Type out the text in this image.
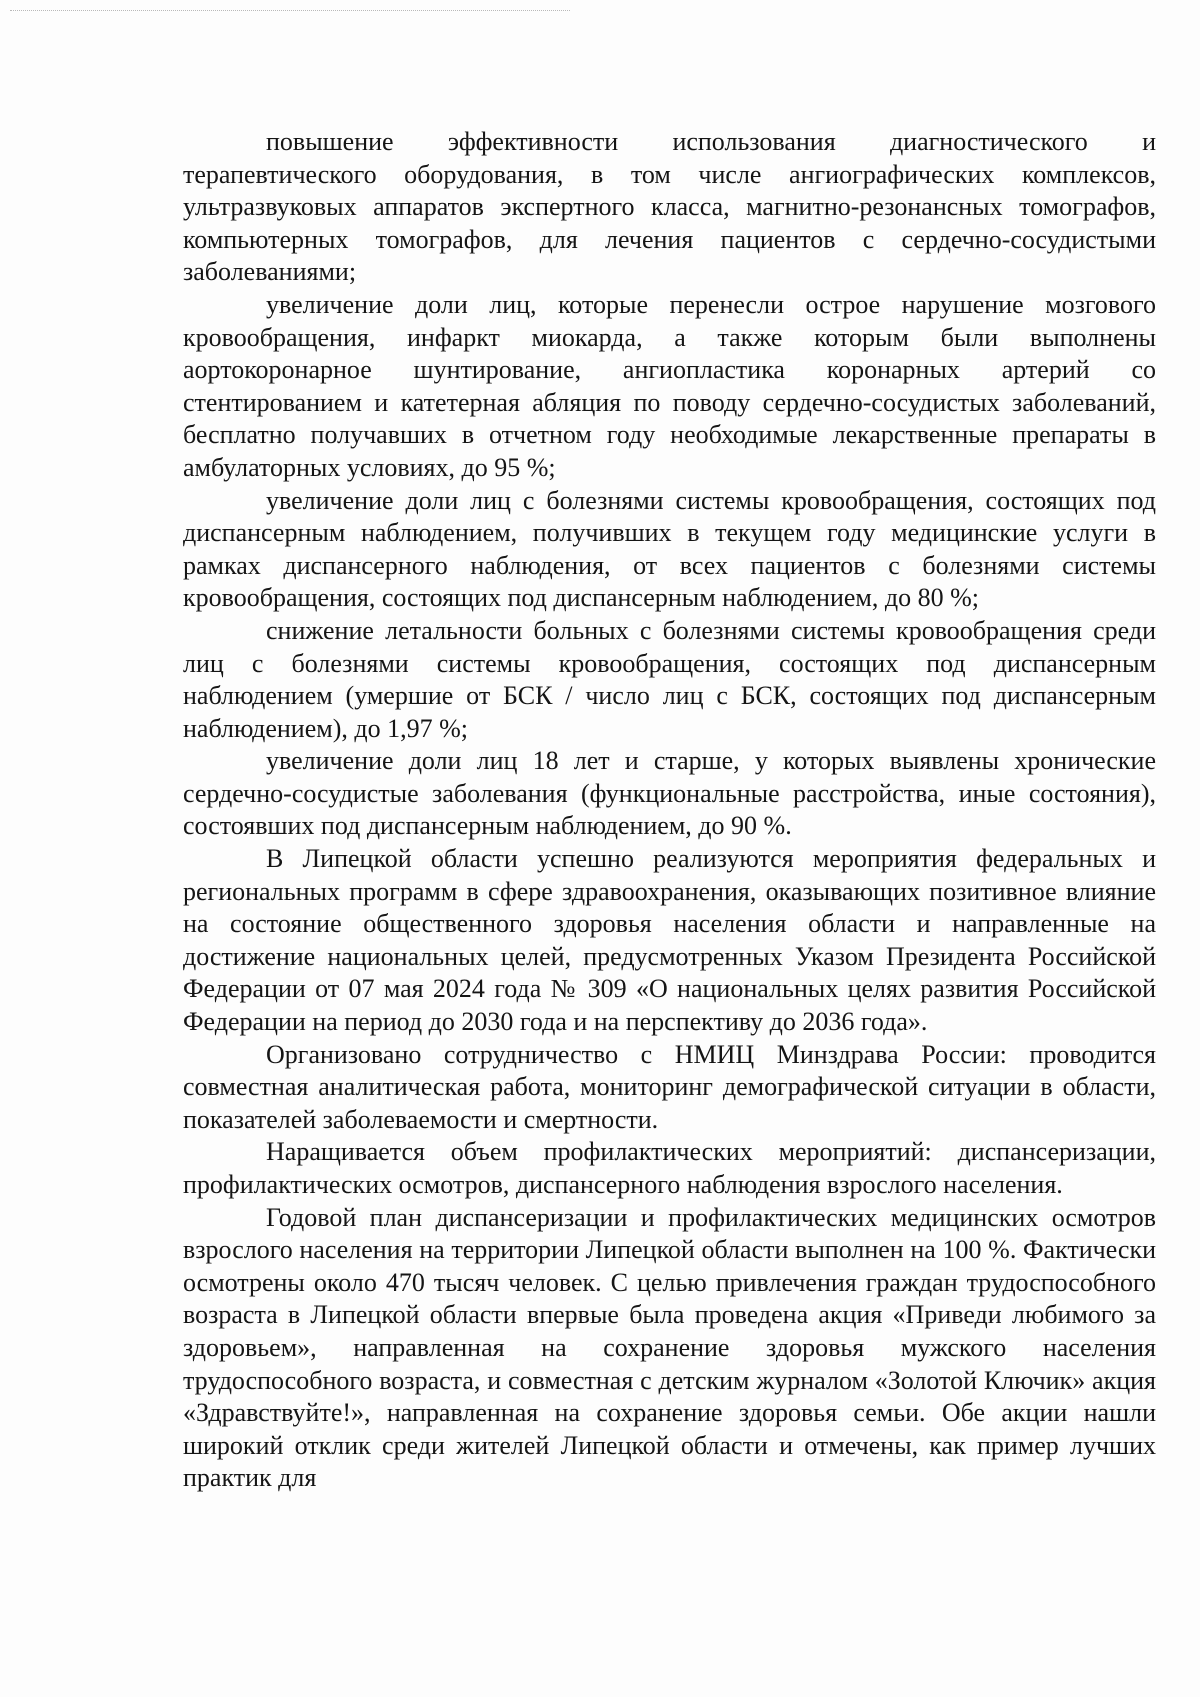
повышение эффективности использования диагностического и терапевтического оборудования, в том числе ангиографических комплексов, ультразвуковых аппаратов экспертного класса, магнитно-резонансных томографов, компьютерных томографов, для лечения пациентов с сердечно-сосудистыми заболеваниями;

увеличение доли лиц, которые перенесли острое нарушение мозгового кровообращения, инфаркт миокарда, а также которым были выполнены аортокоронарное шунтирование, ангиопластика коронарных артерий со стентированием и катетерная абляция по поводу сердечно-сосудистых заболеваний, бесплатно получавших в отчетном году необходимые лекарственные препараты в амбулаторных условиях, до 95 %;

увеличение доли лиц с болезнями системы кровообращения, состоящих под диспансерным наблюдением, получивших в текущем году медицинские услуги в рамках диспансерного наблюдения, от всех пациентов с болезнями системы кровообращения, состоящих под диспансерным наблюдением, до 80 %;

снижение летальности больных с болезнями системы кровообращения среди лиц с болезнями системы кровообращения, состоящих под диспансерным наблюдением (умершие от БСК / число лиц с БСК, состоящих под диспансерным наблюдением), до 1,97 %;

увеличение доли лиц 18 лет и старше, у которых выявлены хронические сердечно-сосудистые заболевания (функциональные расстройства, иные состояния), состоявших под диспансерным наблюдением, до 90 %.

В Липецкой области успешно реализуются мероприятия федеральных и региональных программ в сфере здравоохранения, оказывающих позитивное влияние на состояние общественного здоровья населения области и направленные на достижение национальных целей, предусмотренных Указом Президента Российской Федерации от 07 мая 2024 года № 309 «О национальных целях развития Российской Федерации на период до 2030 года и на перспективу до 2036 года».

Организовано сотрудничество с НМИЦ Минздрава России: проводится совместная аналитическая работа, мониторинг демографической ситуации в области, показателей заболеваемости и смертности.

Наращивается объем профилактических мероприятий: диспансеризации, профилактических осмотров, диспансерного наблюдения взрослого населения.

Годовой план диспансеризации и профилактических медицинских осмотров взрослого населения на территории Липецкой области выполнен на 100 %. Фактически осмотрены около 470 тысяч человек. С целью привлечения граждан трудоспособного возраста в Липецкой области впервые была проведена акция «Приведи любимого за здоровьем», направленная на сохранение здоровья мужского населения трудоспособного возраста, и совместная с детским журналом «Золотой Ключик» акция «Здравствуйте!», направленная на сохранение здоровья семьи. Обе акции нашли широкий отклик среди жителей Липецкой области и отмечены, как пример лучших практик для
